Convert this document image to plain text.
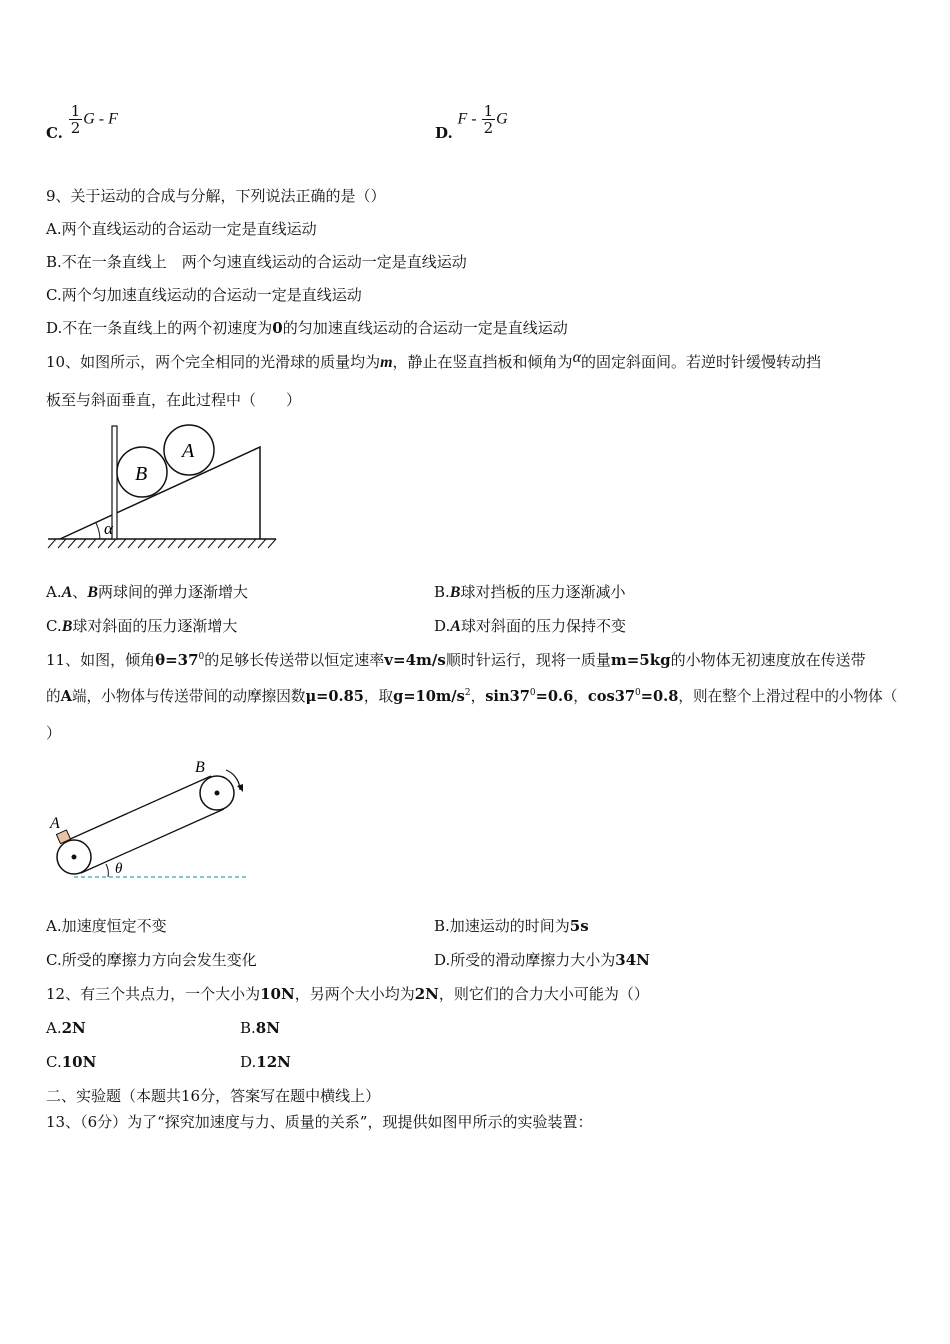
C. $\frac{1}{2}$ G - F
D. F - $\frac{1}{2}$ G
9、关于运动的合成与分解，下列说法正确的是（）
A.两个直线运动的合运动一定是直线运动
B.不在一条直线上　两个匀速直线运动的合运动一定是直线运动
C.两个匀加速直线运动的合运动一定是直线运动
D.不在一条直线上的两个初速度为0的匀加速直线运动的合运动一定是直线运动
10、如图所示，两个完全相同的光滑球的质量均为m，静止在竖直挡板和倾角为α的固定斜面间。若逆时针缓慢转动挡
板至与斜面垂直，在此过程中（　　）
B
A
α
A.A、B两球间的弹力逐渐增大	B.B球对挡板的压力逐渐减小
C.B球对斜面的压力逐渐增大	D.A球对斜面的压力保持不变
11、如图，倾角$\theta=37^0$的足够长传送带以恒定速率v=4m/s顺时针运行，现将一质量m=5kg的小物体无初速度放在传送带
的A端，小物体与传送带间的动摩擦因数μ=0.85，取$g=10m/s^2$，$\sin 37^0=0.6$，$\cos 37^0=0.8$，则在整个上滑过程中的小物体（
）
A
B
θ
A.加速度恒定不变	B.加速运动的时间为5s
C.所受的摩擦力方向会发生变化	D.所受的滑动摩擦力大小为34N
12、有三个共点力，一个大小为10N，另两个大小均为2N，则它们的合力大小可能为（）
A.2N	B.8N
C.10N	D.12N
二、实验题（本题共16分，答案写在题中横线上）
13、（6分）为了“探究加速度与力、质量的关系”，现提供如图甲所示的实验装置：
